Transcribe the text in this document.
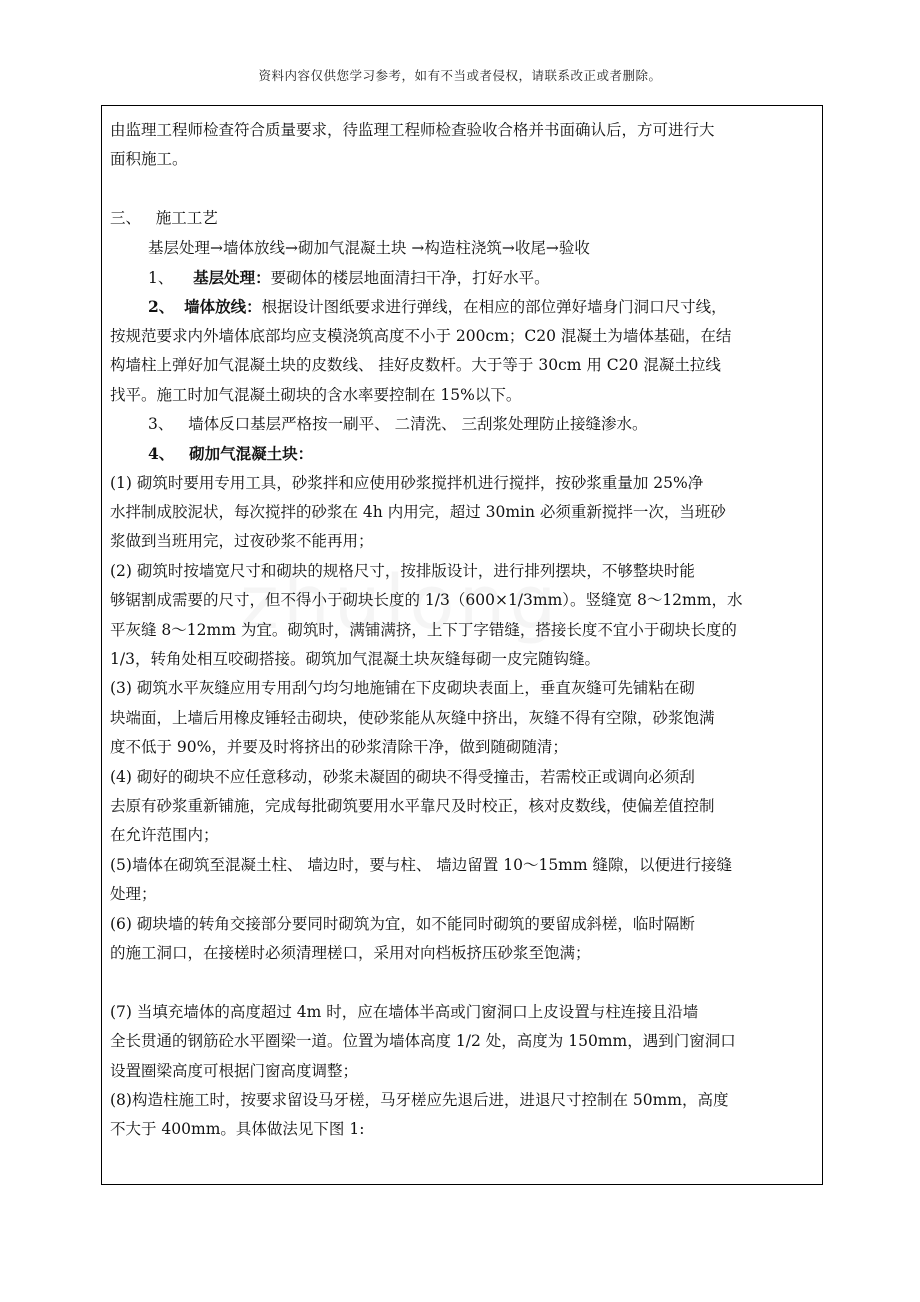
资料内容仅供您学习参考，如有不当或者侵权，请联系改正或者删除。
由监理工程师检查符合质量要求，待监理工程师检查验收合格并书面确认后，方可进行大
面积施工。
三、 施工工艺
基层处理→墙体放线→砌加气混凝土块 →构造柱浇筑→收尾→验收
1、 基层处理：要砌体的楼层地面清扫干净，打好水平。
2、 墙体放线：根据设计图纸要求进行弹线，在相应的部位弹好墙身门洞口尺寸线，
按规范要求内外墙体底部均应支模浇筑高度不小于 200cm；C20 混凝土为墙体基础，在结
构墙柱上弹好加气混凝土块的皮数线、 挂好皮数杆。大于等于 30cm 用 C20 混凝土拉线
找平。施工时加气混凝土砌块的含水率要控制在 15%以下。
3、 墙体反口基层严格按一刷平、 二清洗、 三刮浆处理防止接缝渗水。
4、 砌加气混凝土块：
(1) 砌筑时要用专用工具，砂浆拌和应使用砂浆搅拌机进行搅拌，按砂浆重量加 25%净
水拌制成胶泥状，每次搅拌的砂浆在 4h 内用完，超过 30min 必须重新搅拌一次，当班砂
浆做到当班用完，过夜砂浆不能再用；
(2) 砌筑时按墙宽尺寸和砌块的规格尺寸，按排版设计，进行排列摆块，不够整块时能
够锯割成需要的尺寸，但不得小于砌块长度的 1/3（600×1/3mm）。竖缝宽 8～12mm，水
平灰缝 8～12mm 为宜。砌筑时，满铺满挤，上下丁字错缝，搭接长度不宜小于砌块长度的
1/3，转角处相互咬砌搭接。砌筑加气混凝土块灰缝每砌一皮完随钩缝。
(3) 砌筑水平灰缝应用专用刮勺均匀地施铺在下皮砌块表面上，垂直灰缝可先铺粘在砌
块端面，上墙后用橡皮锤轻击砌块，使砂浆能从灰缝中挤出，灰缝不得有空隙，砂浆饱满
度不低于 90%，并要及时将挤出的砂浆清除干净，做到随砌随清；
(4) 砌好的砌块不应任意移动，砂浆未凝固的砌块不得受撞击，若需校正或调向必须刮
去原有砂浆重新铺施，完成每批砌筑要用水平靠尺及时校正，核对皮数线，使偏差值控制
在允许范围内；
(5)墙体在砌筑至混凝土柱、 墙边时，要与柱、 墙边留置 10～15mm 缝隙，以便进行接缝
处理；
(6) 砌块墙的转角交接部分要同时砌筑为宜，如不能同时砌筑的要留成斜槎，临时隔断
的施工洞口，在接槎时必须清理槎口，采用对向档板挤压砂浆至饱满；
(7) 当填充墙体的高度超过 4m 时，应在墙体半高或门窗洞口上皮设置与柱连接且沿墙
全长贯通的钢筋砼水平圈梁一道。位置为墙体高度 1/2 处，高度为 150mm，遇到门窗洞口
设置圈梁高度可根据门窗高度调整；
(8)构造柱施工时，按要求留设马牙槎，马牙槎应先退后进，进退尺寸控制在 50mm，高度
不大于 400mm。具体做法见下图 1:
